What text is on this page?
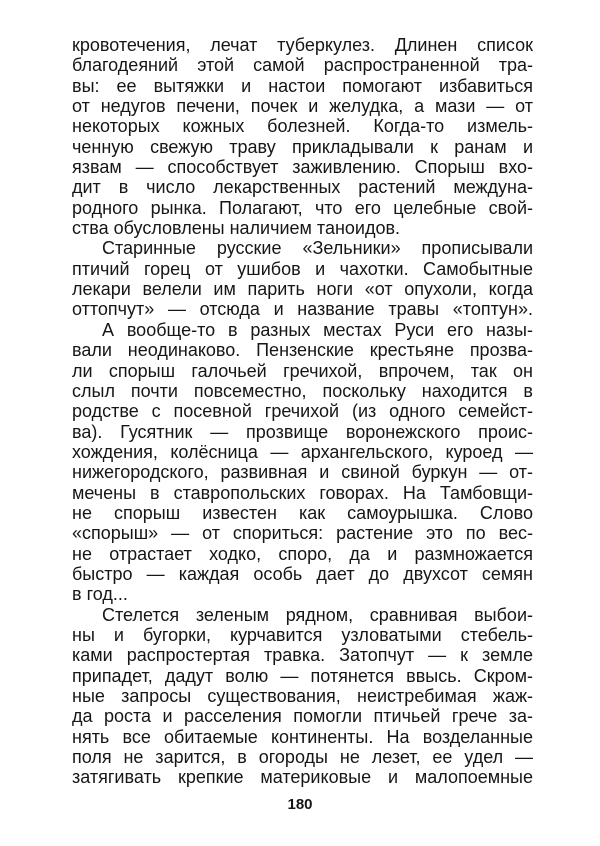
кровотечения, лечат туберкулез. Длинен список
благодеяний этой самой распространенной тра-
вы: ее вытяжки и настои помогают избавиться
от недугов печени, почек и желудка, а мази — от
некоторых кожных болезней. Когда-то измель-
ченную свежую траву прикладывали к ранам и
язвам — способствует заживлению. Спорыш вхо-
дит в число лекарственных растений междуна-
родного рынка. Полагают, что его целебные свой-
ства обусловлены наличием таноидов.
Старинные русские «Зельники» прописывали
птичий горец от ушибов и чахотки. Самобытные
лекари велели им парить ноги «от опухоли, когда
оттопчут» — отсюда и название травы «топтун».
А вообще-то в разных местах Руси его назы-
вали неодинаково. Пензенские крестьяне прозва-
ли спорыш галочьей гречихой, впрочем, так он
слыл почти повсеместно, поскольку находится в
родстве с посевной гречихой (из одного семейст-
ва). Гусятник — прозвище воронежского проис-
хождения, колёсница — архангельского, куроед —
нижегородского, развивная и свиной буркун — от-
мечены в ставропольских говорах. На Тамбовщи-
не спорыш известен как самоурышка. Слово
«спорыш» — от спориться: растение это по вес-
не отрастает ходко, споро, да и размножается
быстро — каждая особь дает до двухсот семян
в год...
Стелется зеленым рядном, сравнивая выбои-
ны и бугорки, курчавится узловатыми стебель-
ками распростертая травка. Затопчут — к земле
припадет, дадут волю — потянется ввысь. Скром-
ные запросы существования, неистребимая жаж-
да роста и расселения помогли птичьей грече за-
нять все обитаемые континенты. На возделанные
поля не зарится, в огороды не лезет, ее удел —
затягивать крепкие материковые и малопоемные
180
